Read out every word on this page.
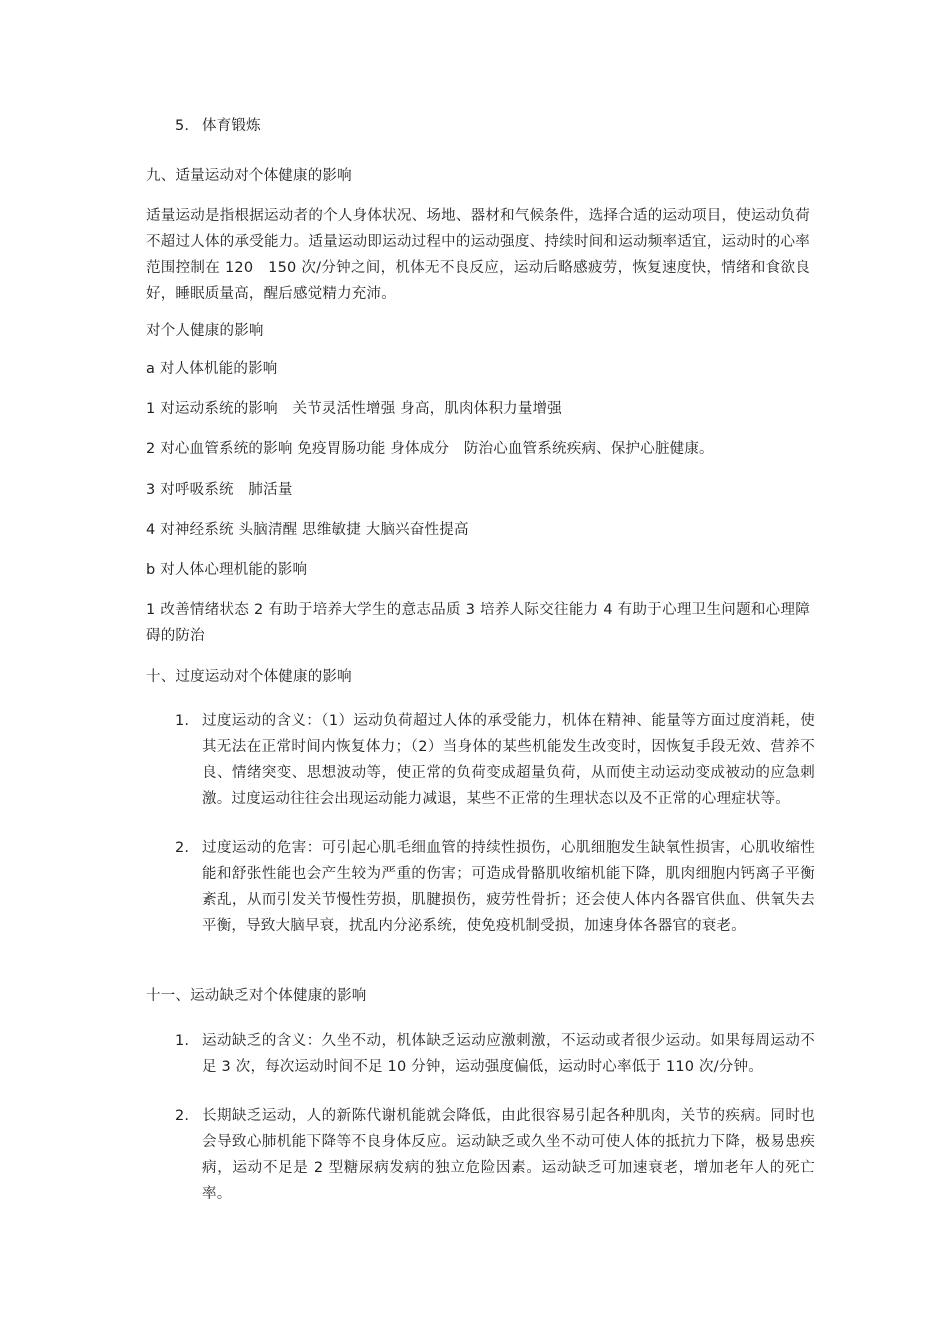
5. 体育锻炼

九、适量运动对个体健康的影响

适量运动是指根据运动者的个人身体状况、场地、器材和气候条件，选择合适的运动项目，使运动负荷不超过人体的承受能力。适量运动即运动过程中的运动强度、持续时间和运动频率适宜，运动时的心率范围控制在 120　150 次/分钟之间，机体无不良反应，运动后略感疲劳，恢复速度快，情绪和食欲良好，睡眠质量高，醒后感觉精力充沛。

对个人健康的影响

a 对人体机能的影响

1 对运动系统的影响　关节灵活性增强 身高，肌肉体积力量增强

2 对心血管系统的影响 免疫胃肠功能 身体成分　防治心血管系统疾病、保护心脏健康。

3 对呼吸系统　肺活量

4 对神经系统 头脑清醒 思维敏捷 大脑兴奋性提高

b 对人体心理机能的影响

1 改善情绪状态 2 有助于培养大学生的意志品质 3 培养人际交往能力 4 有助于心理卫生问题和心理障碍的防治

十、过度运动对个体健康的影响

1. 过度运动的含义：（1）运动负荷超过人体的承受能力，机体在精神、能量等方面过度消耗，使其无法在正常时间内恢复体力；（2）当身体的某些机能发生改变时，因恢复手段无效、营养不良、情绪突变、思想波动等，使正常的负荷变成超量负荷，从而使主动运动变成被动的应急刺激。过度运动往往会出现运动能力减退，某些不正常的生理状态以及不正常的心理症状等。
2. 过度运动的危害：可引起心肌毛细血管的持续性损伤，心肌细胞发生缺氧性损害，心肌收缩性能和舒张性能也会产生较为严重的伤害；可造成骨骼肌收缩机能下降，肌肉细胞内钙离子平衡紊乱，从而引发关节慢性劳损，肌腱损伤，疲劳性骨折；还会使人体内各器官供血、供氧失去平衡，导致大脑早衰，扰乱内分泌系统，使免疫机制受损，加速身体各器官的衰老。

十一、运动缺乏对个体健康的影响

1. 运动缺乏的含义：久坐不动，机体缺乏运动应激刺激，不运动或者很少运动。如果每周运动不足 3 次，每次运动时间不足 10 分钟，运动强度偏低，运动时心率低于 110 次/分钟。
2. 长期缺乏运动，人的新陈代谢机能就会降低，由此很容易引起各种肌肉，关节的疾病。同时也会导致心肺机能下降等不良身体反应。运动缺乏或久坐不动可使人体的抵抗力下降，极易患疾病，运动不足是 2 型糖尿病发病的独立危险因素。运动缺乏可加速衰老，增加老年人的死亡率。
